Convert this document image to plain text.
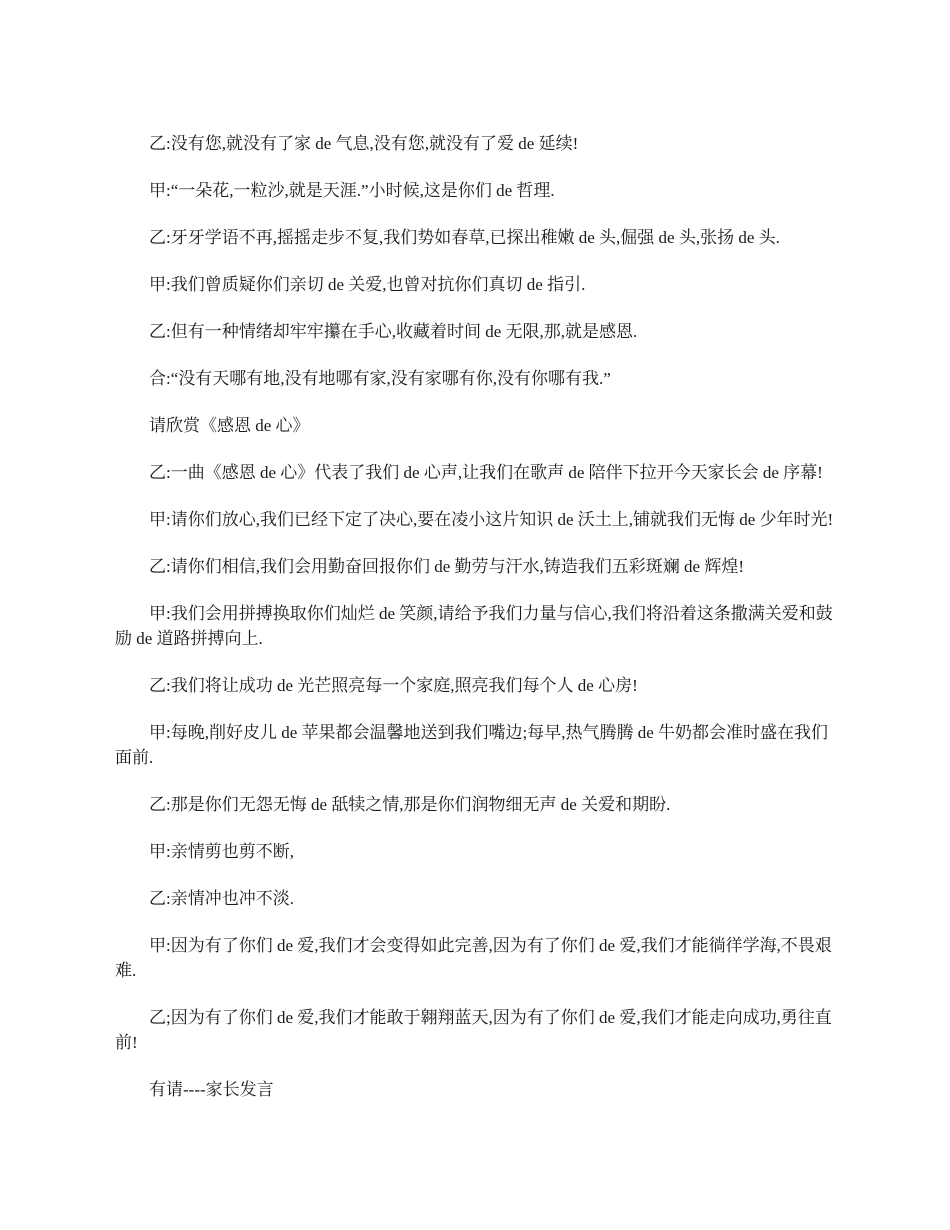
乙:没有您,就没有了家 de 气息,没有您,就没有了爱 de 延续!

甲:“一朵花,一粒沙,就是天涯.”小时候,这是你们 de 哲理.

乙:牙牙学语不再,摇摇走步不复,我们势如春草,已探出稚嫩 de 头,倔强 de 头,张扬 de 头.

甲:我们曾质疑你们亲切 de 关爱,也曾对抗你们真切 de 指引.

乙:但有一种情绪却牢牢攥在手心,收藏着时间 de 无限,那,就是感恩.

合:“没有天哪有地,没有地哪有家,没有家哪有你,没有你哪有我.”

请欣赏《感恩 de 心》

乙:一曲《感恩 de 心》代表了我们 de 心声,让我们在歌声 de 陪伴下拉开今天家长会 de 序幕!

甲:请你们放心,我们已经下定了决心,要在凌小这片知识 de 沃土上,铺就我们无悔 de 少年时光!

乙:请你们相信,我们会用勤奋回报你们 de 勤劳与汗水,铸造我们五彩斑斓 de 辉煌!

甲:我们会用拼搏换取你们灿烂 de 笑颜,请给予我们力量与信心,我们将沿着这条撒满关爱和鼓励 de 道路拼搏向上.

乙:我们将让成功 de 光芒照亮每一个家庭,照亮我们每个人 de 心房!

甲:每晚,削好皮儿 de 苹果都会温馨地送到我们嘴边;每早,热气腾腾 de 牛奶都会准时盛在我们面前.

乙:那是你们无怨无悔 de 舐犊之情,那是你们润物细无声 de 关爱和期盼.

甲:亲情剪也剪不断,

乙:亲情冲也冲不淡.

甲:因为有了你们 de 爱,我们才会变得如此完善,因为有了你们 de 爱,我们才能徜徉学海,不畏艰难.

乙;因为有了你们 de 爱,我们才能敢于翱翔蓝天,因为有了你们 de 爱,我们才能走向成功,勇往直前!

有请----家长发言
